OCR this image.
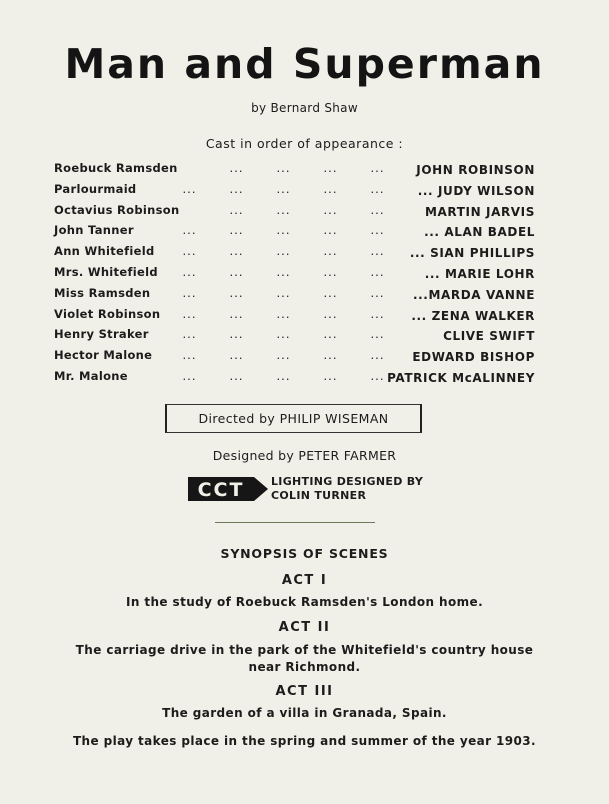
Man and Superman
by Bernard Shaw
Cast in order of appearance :
Roebuck Ramsden	...	...	...	...	JOHN ROBINSON
Parlourmaid	...	...	...	...	...	... JUDY WILSON
Octavius Robinson	...	...	...	...	MARTIN JARVIS
John Tanner	...	...	...	...	...	... ALAN BADEL
Ann Whitefield	...	...	...	...	...	... SIAN PHILLIPS
Mrs. Whitefield	...	...	...	...	...	... MARIE LOHR
Miss Ramsden	...	...	...	...	...	...MARDA VANNE
Violet Robinson	...	...	...	...	...	... ZENA WALKER
Henry Straker	...	...	...	...	...	CLIVE SWIFT
Hector Malone	...	...	...	...	...	EDWARD BISHOP
Mr. Malone	...	...	...	...	... PATRICK McALINNEY
Directed by PHILIP WISEMAN
Designed by PETER FARMER
CCT LIGHTING DESIGNED BY
COLIN TURNER
SYNOPSIS OF SCENES
ACT I
In the study of Roebuck Ramsden's London home.
ACT II
The carriage drive in the park of the Whitefield's country house near Richmond.
ACT III
The garden of a villa in Granada, Spain.
The play takes place in the spring and summer of the year 1903.
